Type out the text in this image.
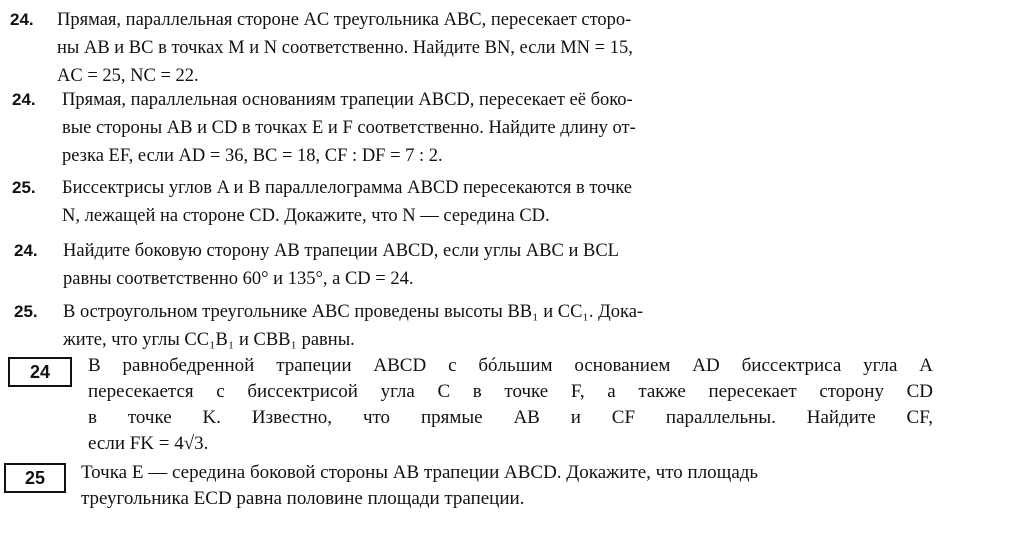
24. Прямая, параллельная стороне AC треугольника ABC, пересекает сторо-
ны AB и BC в точках M и N соответственно. Найдите BN, если MN = 15,
AC = 25, NC = 22.
24. Прямая, параллельная основаниям трапеции ABCD, пересекает её боко-
вые стороны AB и CD в точках E и F соответственно. Найдите длину от-
резка EF, если AD = 36, BC = 18, CF : DF = 7 : 2.
25. Биссектрисы углов A и B параллелограмма ABCD пересекаются в точке
N, лежащей на стороне CD. Докажите, что N — середина CD.
24. Найдите боковую сторону AB трапеции ABCD, если углы ABC и BCL
равны соответственно 60° и 135°, а CD = 24.
25. В остроугольном треугольнике ABC проведены высоты BB₁ и CC₁. Дока-
жите, что углы CC₁B₁ и CBB₁ равны.
24	В равнобедренной трапеции ABCD с бóльшим основанием AD биссектриса угла A
пересекается с биссектрисой угла C в точке F, а также пересекает сторону CD
в точке K. Известно, что прямые AB и CF параллельны. Найдите CF,
если FK = 4√3.
25	Точка E — середина боковой стороны AB трапеции ABCD. Докажите, что площадь
треугольника ECD равна половине площади трапеции.
